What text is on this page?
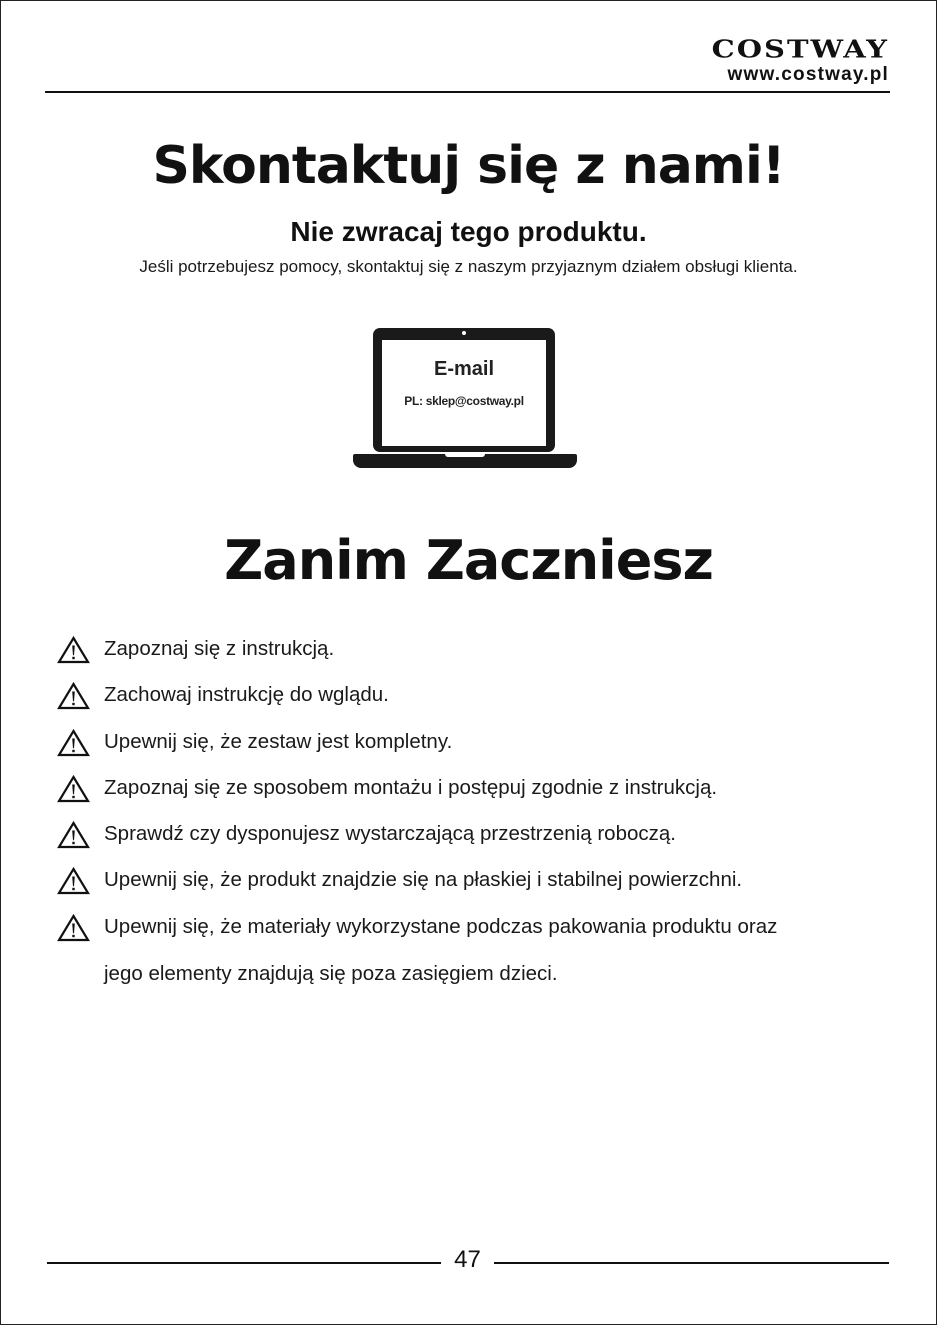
COSTWAY
www.costway.pl
Skontaktuj się z nami!
Nie zwracaj tego produktu.
Jeśli potrzebujesz pomocy, skontaktuj się z naszym przyjaznym działem obsługi klienta.
E-mail
PL: sklep@costway.pl
Zanim Zaczniesz
Zapoznaj się z instrukcją.
Zachowaj instrukcję do wglądu.
Upewnij się, że zestaw jest kompletny.
Zapoznaj się ze sposobem montażu i postępuj zgodnie z instrukcją.
Sprawdź czy dysponujesz wystarczającą przestrzenią roboczą.
Upewnij się, że produkt znajdzie się na płaskiej i stabilnej powierzchni.
Upewnij się, że materiały wykorzystane podczas pakowania produktu oraz
jego elementy znajdują się poza zasięgiem dzieci.
47
